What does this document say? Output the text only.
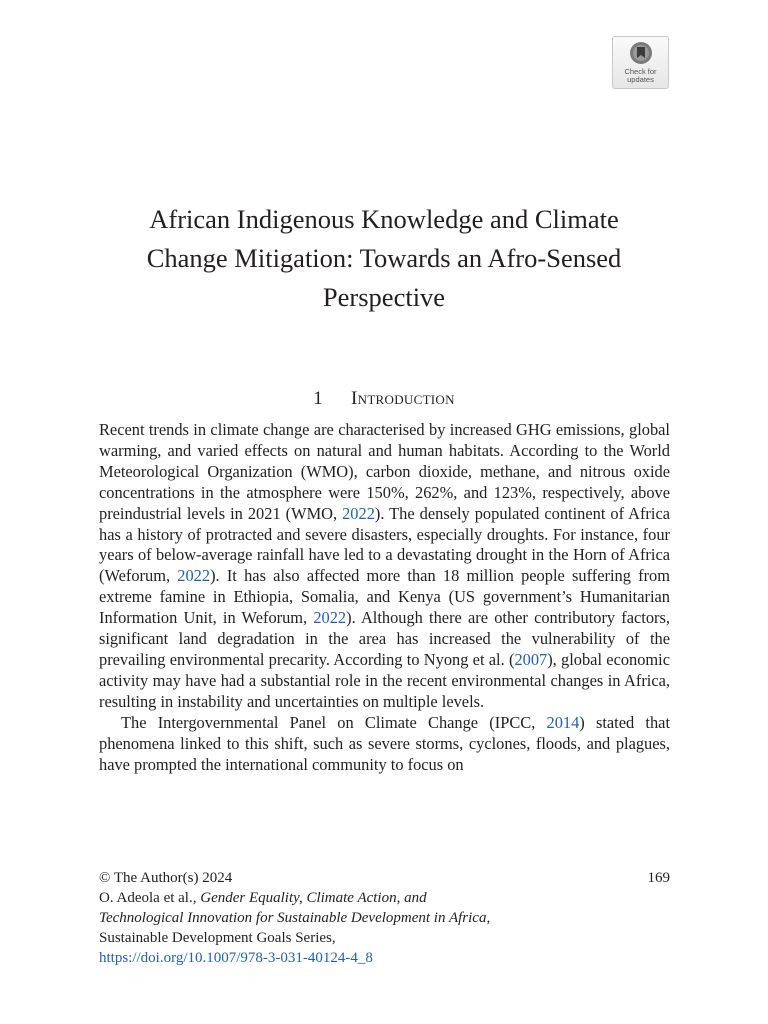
Check for
updates
African Indigenous Knowledge and Climate
Change Mitigation: Towards an Afro-Sensed
Perspective
1 Introduction

Recent trends in climate change are characterised by increased GHG emissions, global warming, and varied effects on natural and human habitats. According to the World Meteorological Organization (WMO), carbon dioxide, methane, and nitrous oxide concentrations in the atmosphere were 150%, 262%, and 123%, respectively, above preindustrial levels in 2021 (WMO, 2022). The densely populated continent of Africa has a history of protracted and severe disasters, especially droughts. For instance, four years of below-average rainfall have led to a devastating drought in the Horn of Africa (Weforum, 2022). It has also affected more than 18 million people suffering from extreme famine in Ethiopia, Somalia, and Kenya (US government’s Humanitarian Information Unit, in Weforum, 2022). Although there are other contributory factors, significant land degradation in the area has increased the vulnerability of the prevailing environmental precarity. According to Nyong et al. (2007), global economic activity may have had a substantial role in the recent environmental changes in Africa, resulting in instability and uncertainties on multiple levels.

The Intergovernmental Panel on Climate Change (IPCC, 2014) stated that phenomena linked to this shift, such as severe storms, cyclones, floods, and plagues, have prompted the international community to focus on

© The Author(s) 2024	169
O. Adeola et al., Gender Equality, Climate Action, and
Technological Innovation for Sustainable Development in Africa,
Sustainable Development Goals Series,
https://doi.org/10.1007/978-3-031-40124-4_8
